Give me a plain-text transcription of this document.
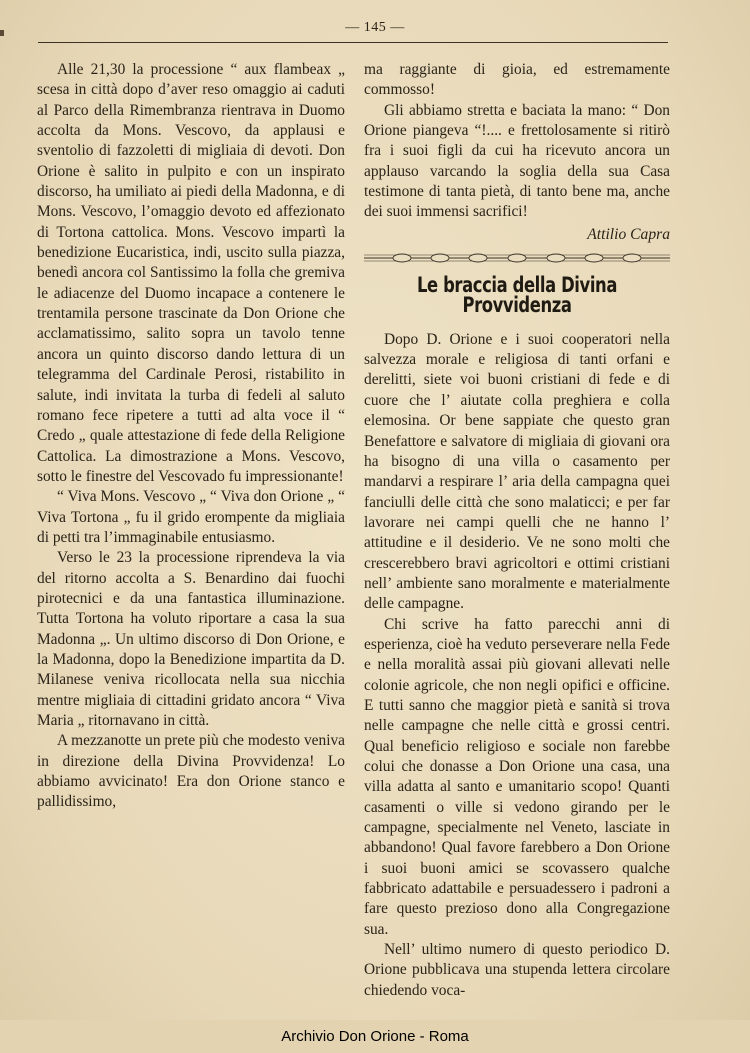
— 145 —

Alle 21,30 la processione “ aux flambeax „ scesa in città dopo d’aver reso omaggio ai caduti al Parco della Rimembranza rientrava in Duomo accolta da Mons. Vescovo, da applausi e sventolio di fazzoletti di migliaia di devoti. Don Orione è salito in pulpito e con un inspirato discorso, ha umiliato ai piedi della Madonna, e di Mons. Vescovo, l’omaggio devoto ed affezionato di Tortona cattolica. Mons. Vescovo impartì la benedizione Eucaristica, indi, uscito sulla piazza, benedì ancora col Santissimo la folla che gremiva le adiacenze del Duomo incapace a contenere le trentamila persone trascinate da Don Orione che acclamatissimo, salito sopra un tavolo tenne ancora un quinto discorso dando lettura di un telegramma del Cardinale Perosi, ristabilito in salute, indi invitata la turba di fedeli al saluto romano fece ripetere a tutti ad alta voce il “ Credo „ quale attestazione di fede della Religione Cattolica. La dimostrazione a Mons. Vescovo, sotto le finestre del Vescovado fu impressionante!

“ Viva Mons. Vescovo „ “ Viva don Orione „ “ Viva Tortona „ fu il grido erompente da migliaia di petti tra l’immaginabile entusiasmo.

Verso le 23 la processione riprendeva la via del ritorno accolta a S. Benardino dai fuochi pirotecnici e da una fantastica illuminazione. Tutta Tortona ha voluto riportare a casa la sua Madonna „. Un ultimo discorso di Don Orione, e la Madonna, dopo la Benedizione impartita da D. Milanese veniva ricollocata nella sua nicchia mentre migliaia di cittadini gridato ancora “ Viva Maria „ ritornavano in città.

A mezzanotte un prete più che modesto veniva in direzione della Divina Provvidenza! Lo abbiamo avvicinato! Era don Orione stanco e pallidissimo,

ma raggiante di gioia, ed estremamente commosso!

Gli abbiamo stretta e baciata la mano: “ Don Orione piangeva “!.... e frettolosamente si ritirò fra i suoi figli da cui ha ricevuto ancora un applauso varcando la soglia della sua Casa testimone di tanta pietà, di tanto bene ma, anche dei suoi immensi sacrifici!

Attilio Capra
Le braccia della Divina Provvidenza

Dopo D. Orione e i suoi cooperatori nella salvezza morale e religiosa di tanti orfani e derelitti, siete voi buoni cristiani di fede e di cuore che l’ aiutate colla preghiera e colla elemosina. Or bene sappiate che questo gran Benefattore e salvatore di migliaia di giovani ora ha bisogno di una villa o casamento per mandarvi a respirare l’ aria della campagna quei fanciulli delle città che sono malaticci; e per far lavorare nei campi quelli che ne hanno l’ attitudine e il desiderio. Ve ne sono molti che crescerebbero bravi agricoltori e ottimi cristiani nell’ ambiente sano moralmente e materialmente delle campagne.

Chi scrive ha fatto parecchi anni di esperienza, cioè ha veduto perseverare nella Fede e nella moralità assai più giovani allevati nelle colonie agricole, che non negli opifici e officine. E tutti sanno che maggior pietà e sanità si trova nelle campagne che nelle città e grossi centri. Qual beneficio religioso e sociale non farebbe colui che donasse a Don Orione una casa, una villa adatta al santo e umanitario scopo! Quanti casamenti o ville si vedono girando per le campagne, specialmente nel Veneto, lasciate in abbandono! Qual favore farebbero a Don Orione i suoi buoni amici se scovassero qualche fabbricato adattabile e persuadessero i padroni a fare questo prezioso dono alla Congregazione sua.

Nell’ ultimo numero di questo periodico D. Orione pubblicava una stupenda lettera circolare chiedendo voca-

Archivio Don Orione - Roma
